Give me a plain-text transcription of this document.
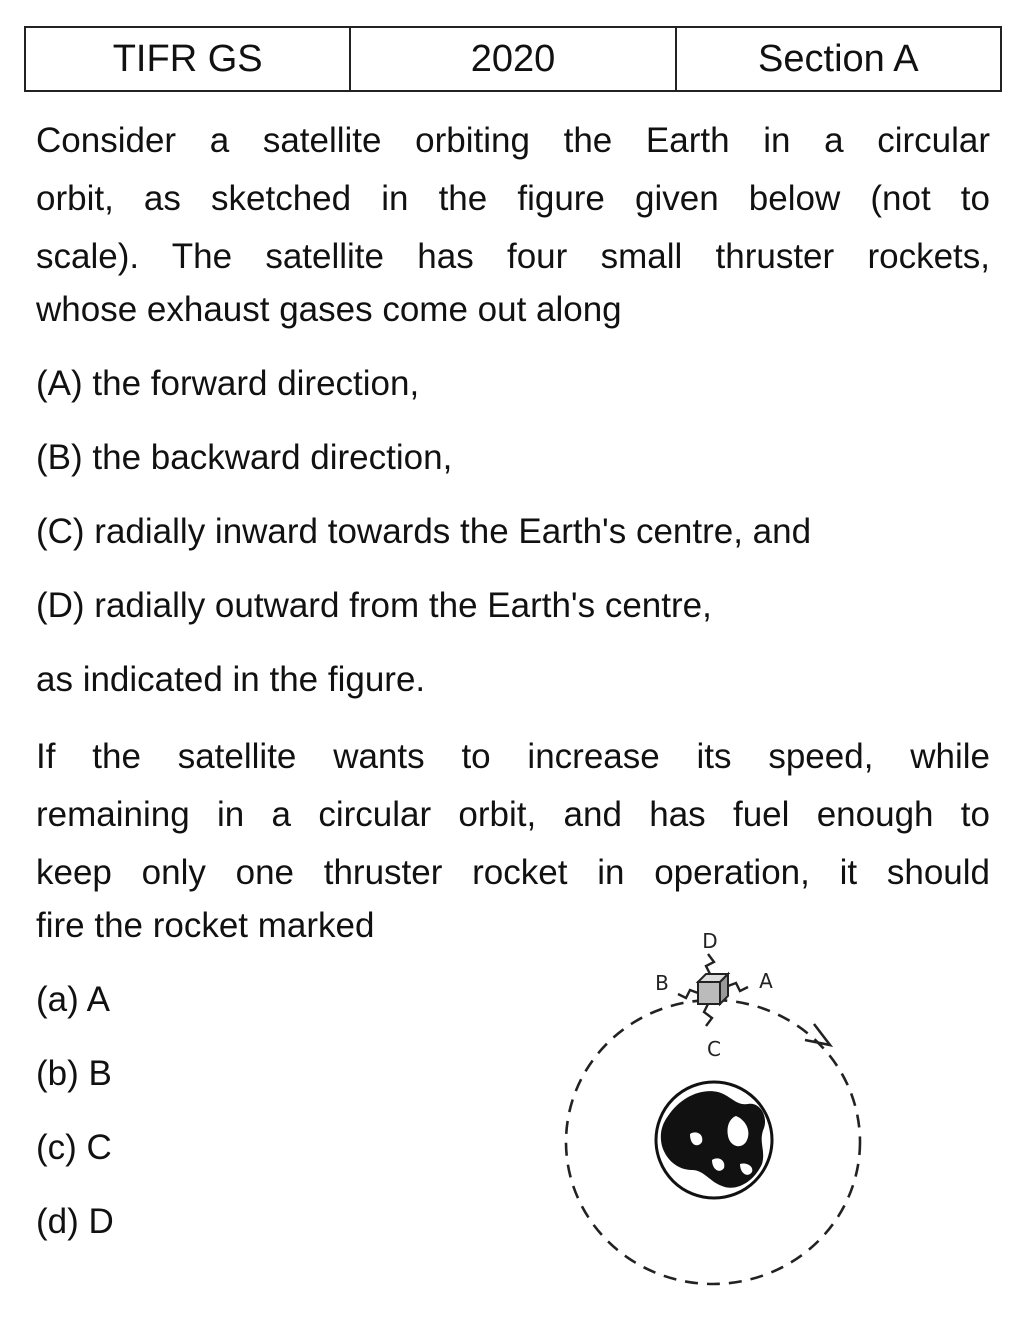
TIFR GS	2020	Section A
Consider a satellite orbiting the Earth in a circular
orbit, as sketched in the figure given below (not to
scale). The satellite has four small thruster rockets,
whose exhaust gases come out along
(A) the forward direction,
(B) the backward direction,
(C) radially inward towards the Earth's centre, and
(D) radially outward from the Earth's centre,
as indicated in the figure.
If the satellite wants to increase its speed, while
remaining in a circular orbit, and has fuel enough to
keep only one thruster rocket in operation, it should
fire the rocket marked
(a) A
(b) B
(c) C
(d) D
D
B	A
C
